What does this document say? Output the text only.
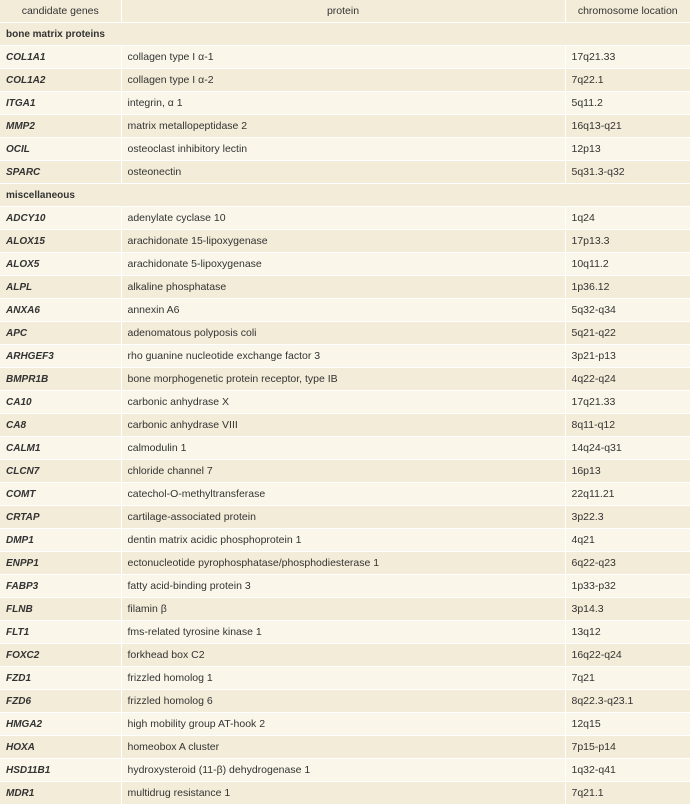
candidate genes	protein	chromosome location
bone matrix proteins		
COL1A1	collagen type I α-1	17q21.33
COL1A2	collagen type I α-2	7q22.1
ITGA1	integrin, α 1	5q11.2
MMP2	matrix metallopeptidase 2	16q13-q21
OCIL	osteoclast inhibitory lectin	12p13
SPARC	osteonectin	5q31.3-q32
miscellaneous		
ADCY10	adenylate cyclase 10	1q24
ALOX15	arachidonate 15-lipoxygenase	17p13.3
ALOX5	arachidonate 5-lipoxygenase	10q11.2
ALPL	alkaline phosphatase	1p36.12
ANXA6	annexin A6	5q32-q34
APC	adenomatous polyposis coli	5q21-q22
ARHGEF3	rho guanine nucleotide exchange factor 3	3p21-p13
BMPR1B	bone morphogenetic protein receptor, type IB	4q22-q24
CA10	carbonic anhydrase X	17q21.33
CA8	carbonic anhydrase VIII	8q11-q12
CALM1	calmodulin 1	14q24-q31
CLCN7	chloride channel 7	16p13
COMT	catechol-O-methyltransferase	22q11.21
CRTAP	cartilage-associated protein	3p22.3
DMP1	dentin matrix acidic phosphoprotein 1	4q21
ENPP1	ectonucleotide pyrophosphatase/phosphodiesterase 1	6q22-q23
FABP3	fatty acid-binding protein 3	1p33-p32
FLNB	filamin β	3p14.3
FLT1	fms-related tyrosine kinase 1	13q12
FOXC2	forkhead box C2	16q22-q24
FZD1	frizzled homolog 1	7q21
FZD6	frizzled homolog 6	8q22.3-q23.1
HMGA2	high mobility group AT-hook 2	12q15
HOXA	homeobox A cluster	7p15-p14
HSD11B1	hydroxysteroid (11-β) dehydrogenase 1	1q32-q41
MDR1	multidrug resistance 1	7q21.1
